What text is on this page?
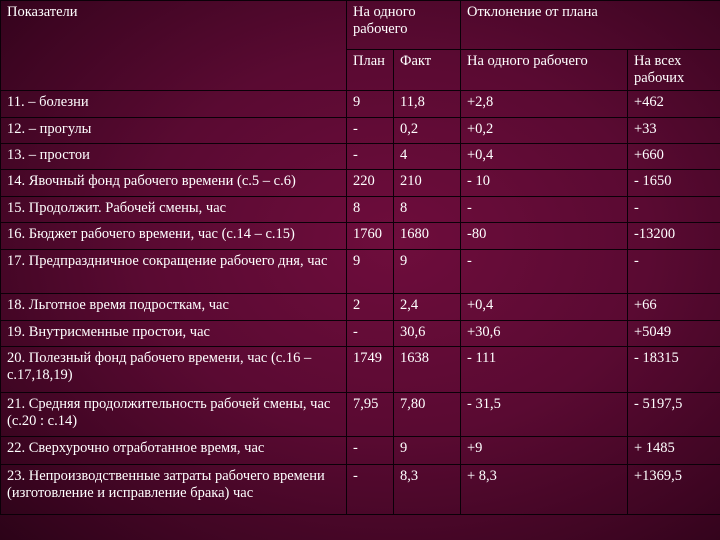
Показатели	На одного рабочего		Отклонение от плана	
	План	Факт	На одного рабочего	На всех рабочих
11. – болезни	9	11,8	+2,8	+462
12. – прогулы	-	0,2	+0,2	+33
13. – простои	-	4	+0,4	+660
14. Явочный фонд рабочего времени (с.5 – с.6)	220	210	- 10	- 1650
15. Продолжит. Рабочей смены, час	8	8	-	-
16. Бюджет рабочего времени, час (с.14 – с.15)	1760	1680	-80	-13200
17. Предпраздничное сокращение рабочего дня, час	9	9	-	-
18. Льготное время подросткам, час	2	2,4	+0,4	+66
19. Внутрисменные простои, час	-	30,6	+30,6	+5049
20. Полезный фонд рабочего времени, час (с.16 – с.17,18,19)	1749	1638	- 111	- 18315
21. Средняя продолжительность рабочей смены, час (с.20 : с.14)	7,95	7,80	- 31,5	- 5197,5
22. Сверхурочно отработанное время, час	-	9	+9	+ 1485
23. Непроизводственные затраты рабочего времени (изготовление и исправление брака) час	-	8,3	+ 8,3	+1369,5
